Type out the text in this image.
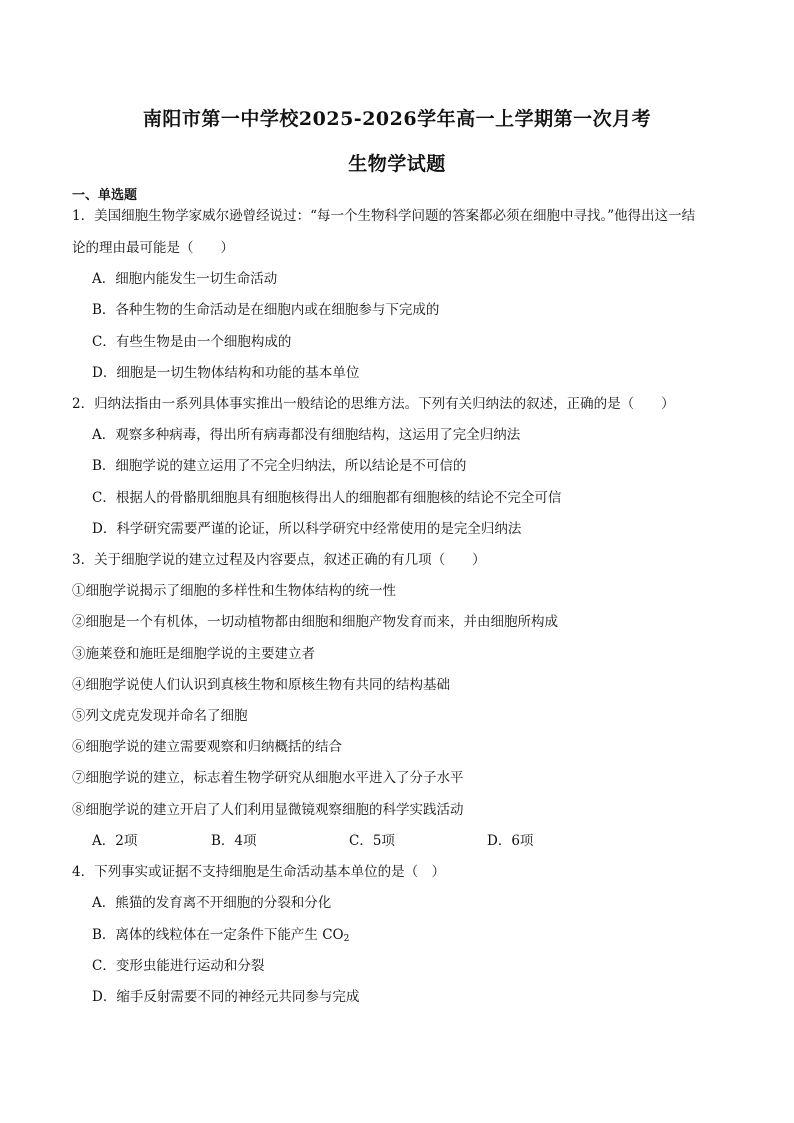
南阳市第一中学校2025-2026学年高一上学期第一次月考
生物学试题
一、单选题
1．美国细胞生物学家威尔逊曾经说过：“每一个生物科学问题的答案都必须在细胞中寻找。”他得出这一结
论的理由最可能是（　　）
A．细胞内能发生一切生命活动
B．各种生物的生命活动是在细胞内或在细胞参与下完成的
C．有些生物是由一个细胞构成的
D．细胞是一切生物体结构和功能的基本单位
2．归纳法指由一系列具体事实推出一般结论的思维方法。下列有关归纳法的叙述，正确的是（　　）
A．观察多种病毒，得出所有病毒都没有细胞结构，这运用了完全归纳法
B．细胞学说的建立运用了不完全归纳法，所以结论是不可信的
C．根据人的骨骼肌细胞具有细胞核得出人的细胞都有细胞核的结论不完全可信
D．科学研究需要严谨的论证，所以科学研究中经常使用的是完全归纳法
3．关于细胞学说的建立过程及内容要点，叙述正确的有几项（　　）
①细胞学说揭示了细胞的多样性和生物体结构的统一性
②细胞是一个有机体，一切动植物都由细胞和细胞产物发育而来，并由细胞所构成
③施莱登和施旺是细胞学说的主要建立者
④细胞学说使人们认识到真核生物和原核生物有共同的结构基础
⑤列文虎克发现并命名了细胞
⑥细胞学说的建立需要观察和归纳概括的结合
⑦细胞学说的建立，标志着生物学研究从细胞水平进入了分子水平
⑧细胞学说的建立开启了人们利用显微镜观察细胞的科学实践活动
A．2项	B．4项	C．5项	D．6项
4．下列事实或证据不支持细胞是生命活动基本单位的是（　）
A．熊猫的发育离不开细胞的分裂和分化
B．离体的线粒体在一定条件下能产生 $CO_2$
C．变形虫能进行运动和分裂
D．缩手反射需要不同的神经元共同参与完成
